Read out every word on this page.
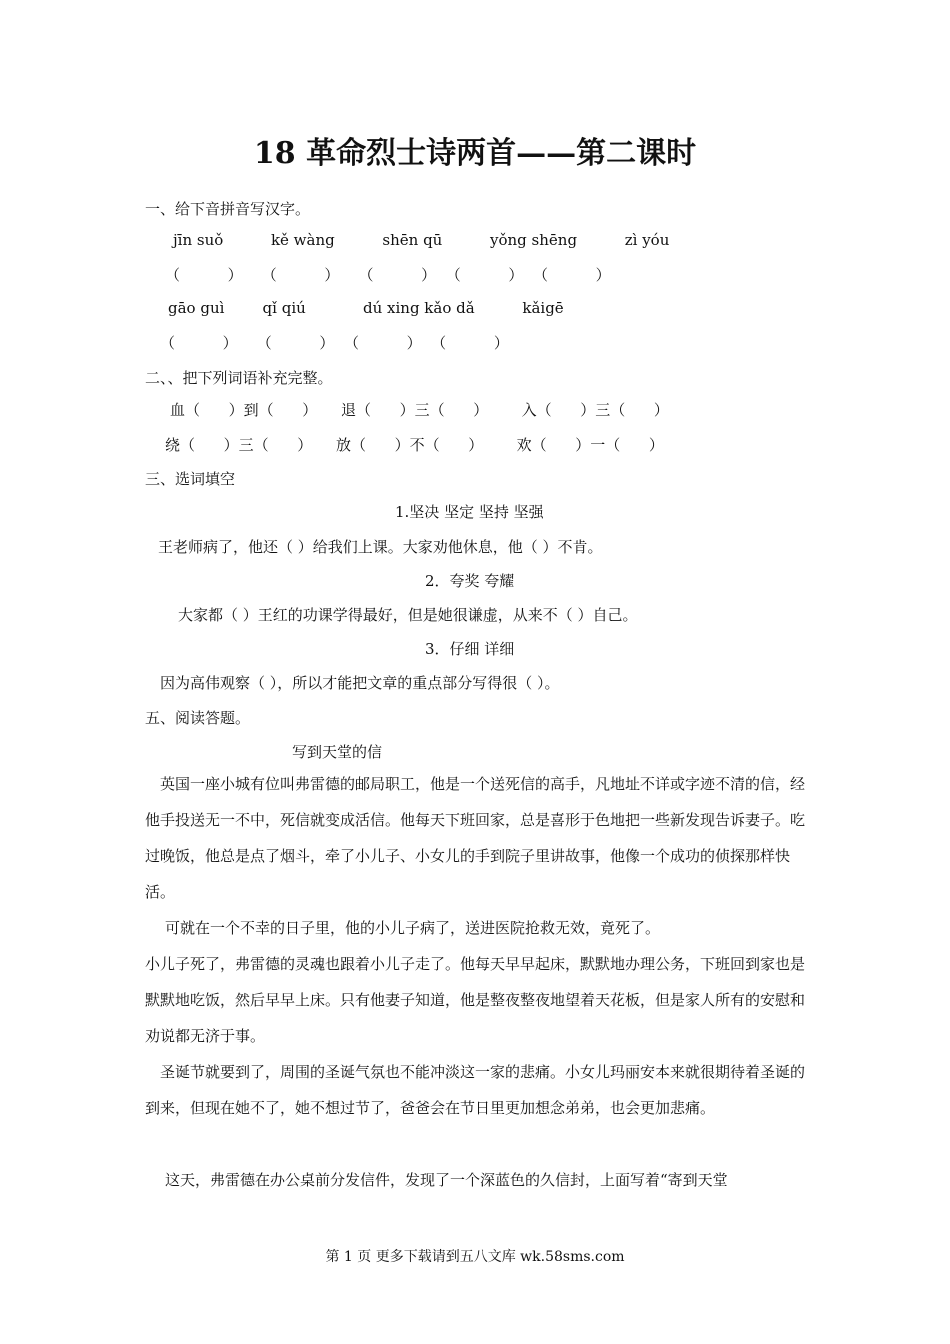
18 革命烈士诗两首——第二课时
一、给下音拼音写汉字。
jīn suǒ          kě wàng          shēn qū          yǒng shēng          zì yóu
（          ）    （          ）    （          ）  （          ）  （          ）
gāo guì        qǐ qiú            dú xing kǎo dǎ          kǎigē
（          ）    （          ）  （          ）  （          ）
二、、把下列词语补充完整。
血（      ）到（      ）     退（      ）三（      ）       入（      ）三（      ）
绕（      ）三（      ）     放（      ）不（      ）       欢（      ）一（      ）
三、选词填空
1.坚决 坚定 坚持 坚强
王老师病了，他还（ ）给我们上课。大家劝他休息，他（ ）不肯。
2．夸奖 夸耀
大家都（ ）王红的功课学得最好，但是她很谦虚，从来不（ ）自己。
3．仔细 详细
因为高伟观察（ ），所以才能把文章的重点部分写得很（ ）。
五、阅读答题。
写到天堂的信
英国一座小城有位叫弗雷德的邮局职工，他是一个送死信的高手，凡地址不详或字迹不清的信，经他手投送无一不中，死信就变成活信。他每天下班回家，总是喜形于色地把一些新发现告诉妻子。吃过晚饭，他总是点了烟斗，牵了小儿子、小女儿的手到院子里讲故事，他像一个成功的侦探那样快活。
可就在一个不幸的日子里，他的小儿子病了，送进医院抢救无效，竟死了。
小儿子死了，弗雷德的灵魂也跟着小儿子走了。他每天早早起床，默默地办理公务，下班回到家也是默默地吃饭，然后早早上床。只有他妻子知道，他是整夜整夜地望着天花板，但是家人所有的安慰和劝说都无济于事。
圣诞节就要到了，周围的圣诞气氛也不能冲淡这一家的悲痛。小女儿玛丽安本来就很期待着圣诞的到来，但现在她不了，她不想过节了，爸爸会在节日里更加想念弟弟，也会更加悲痛。
这天，弗雷德在办公桌前分发信件，发现了一个深蓝色的久信封，上面写着“寄到天堂
第 1 页 更多下载请到五八文库 wk.58sms.com
